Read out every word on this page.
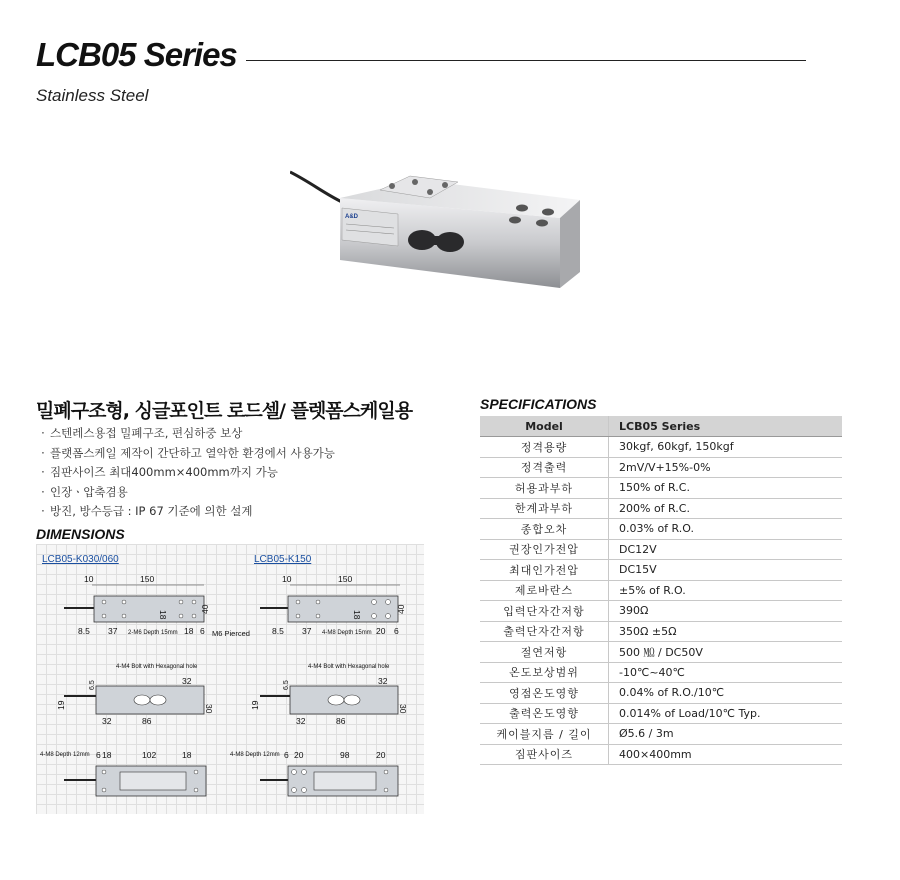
LCB05 Series
Stainless Steel
A&D
밀폐구조형, 싱글포인트 로드셀/ 플렛폼스케일용
· 스텐레스용접 밀폐구조, 편심하중 보상
· 플랫폼스케일 제작이 간단하고 열악한 환경에서 사용가능
· 짐판사이즈 최대400mm×400mm까지 가능
· 인장ㆍ압축겸용
· 방진, 방수등급 : IP 67 기준에 의한 설계
DIMENSIONS
LCB05-K030/060
10	150
18
40
8.5 37 2-M6 Depth 15mm 18 6 M6 Pierced
4-M4 Bolt with Hexagonal hole
6.5	32
19	30
32	86
4-M8 Depth 12mm 6 18	102	18
LCB05-K150
10	150
18
40
8.5 37 4-M8 Depth 15mm 20 6
4-M4 Bolt with Hexagonal hole
6.5	32
19	30
32	86
4-M8 Depth 12mm 6 20	98	20
SPECIFICATIONS
Model	LCB05 Series
정격용량	30kgf, 60kgf, 150kgf
정격출력	2mV/V+15%-0%
허용과부하	150% of R.C.
한계과부하	200% of R.C.
종합오차	0.03% of R.O.
권장인가전압	DC12V
최대인가전압	DC15V
제로바란스	±5% of R.O.
입력단자간저항	390Ω
출력단자간저항	350Ω ±5Ω
절연저항	500 ㏁ / DC50V
온도보상범위	-10℃~40℃
영점온도영향	0.04% of R.O./10℃
출력온도영향	0.014% of Load/10℃ Typ.
케이블지름 / 길이	Ø5.6 / 3m
짐판사이즈	400×400mm
